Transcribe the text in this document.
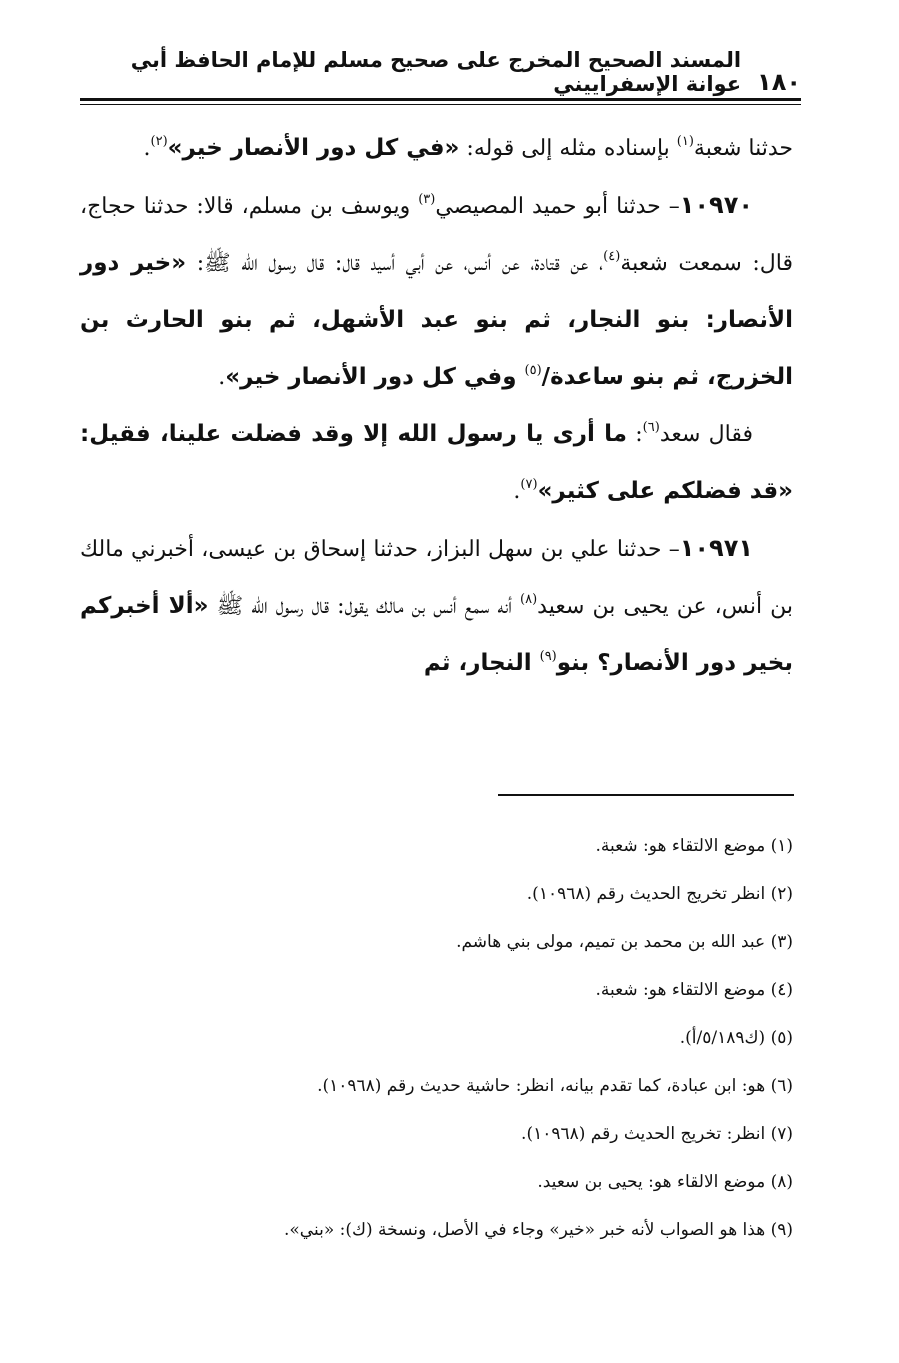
١٨٠
المسند الصحيح المخرج على صحيح مسلم للإمام الحافظ أبي عوانة الإسفراييني

حدثنا شعبة$^{(١)}$ بإسناده مثله إلى قوله: «في كل دور الأنصار خير»$^{(٢)}$.

١٠٩٧٠– حدثنا أبو حميد المصيصي$^{(٣)}$ ويوسف بن مسلم، قالا: حدثنا حجاج، قال: سمعت شعبة$^{(٤)}$، عن قتادة، عن أنس، عن أبي أسيد قال: قال رسول الله ﷺ: «خير دور الأنصار: بنو النجار، ثم بنو عبد الأشهل، ثم بنو الحارث بن الخزرج، ثم بنو ساعدة/$^{(٥)}$ وفي كل دور الأنصار خير».

فقال سعد$^{(٦)}$: ما أرى يا رسول الله إلا وقد فضلت علينا، فقيل: «قد فضلكم على كثير»$^{(٧)}$.

١٠٩٧١– حدثنا علي بن سهل البزاز، حدثنا إسحاق بن عيسى، أخبرني مالك بن أنس، عن يحيى بن سعيد$^{(٨)}$ أنه سمع أنس بن مالك يقول: قال رسول الله ﷺ «ألا أخبركم بخير دور الأنصار؟ بنو$^{(٩)}$ النجار، ثم

(١) موضع الالتقاء هو: شعبة.
(٢) انظر تخريج الحديث رقم (١٠٩٦٨).
(٣) عبد الله بن محمد بن تميم، مولى بني هاشم.
(٤) موضع الالتقاء هو: شعبة.
(٥) (ك٥/١٨٩/أ).
(٦) هو: ابن عبادة، كما تقدم بيانه، انظر: حاشية حديث رقم (١٠٩٦٨).
(٧) انظر: تخريج الحديث رقم (١٠٩٦٨).
(٨) موضع الالقاء هو: يحيى بن سعيد.
(٩) هذا هو الصواب لأنه خبر «خير» وجاء في الأصل، ونسخة (ك): «بني».
